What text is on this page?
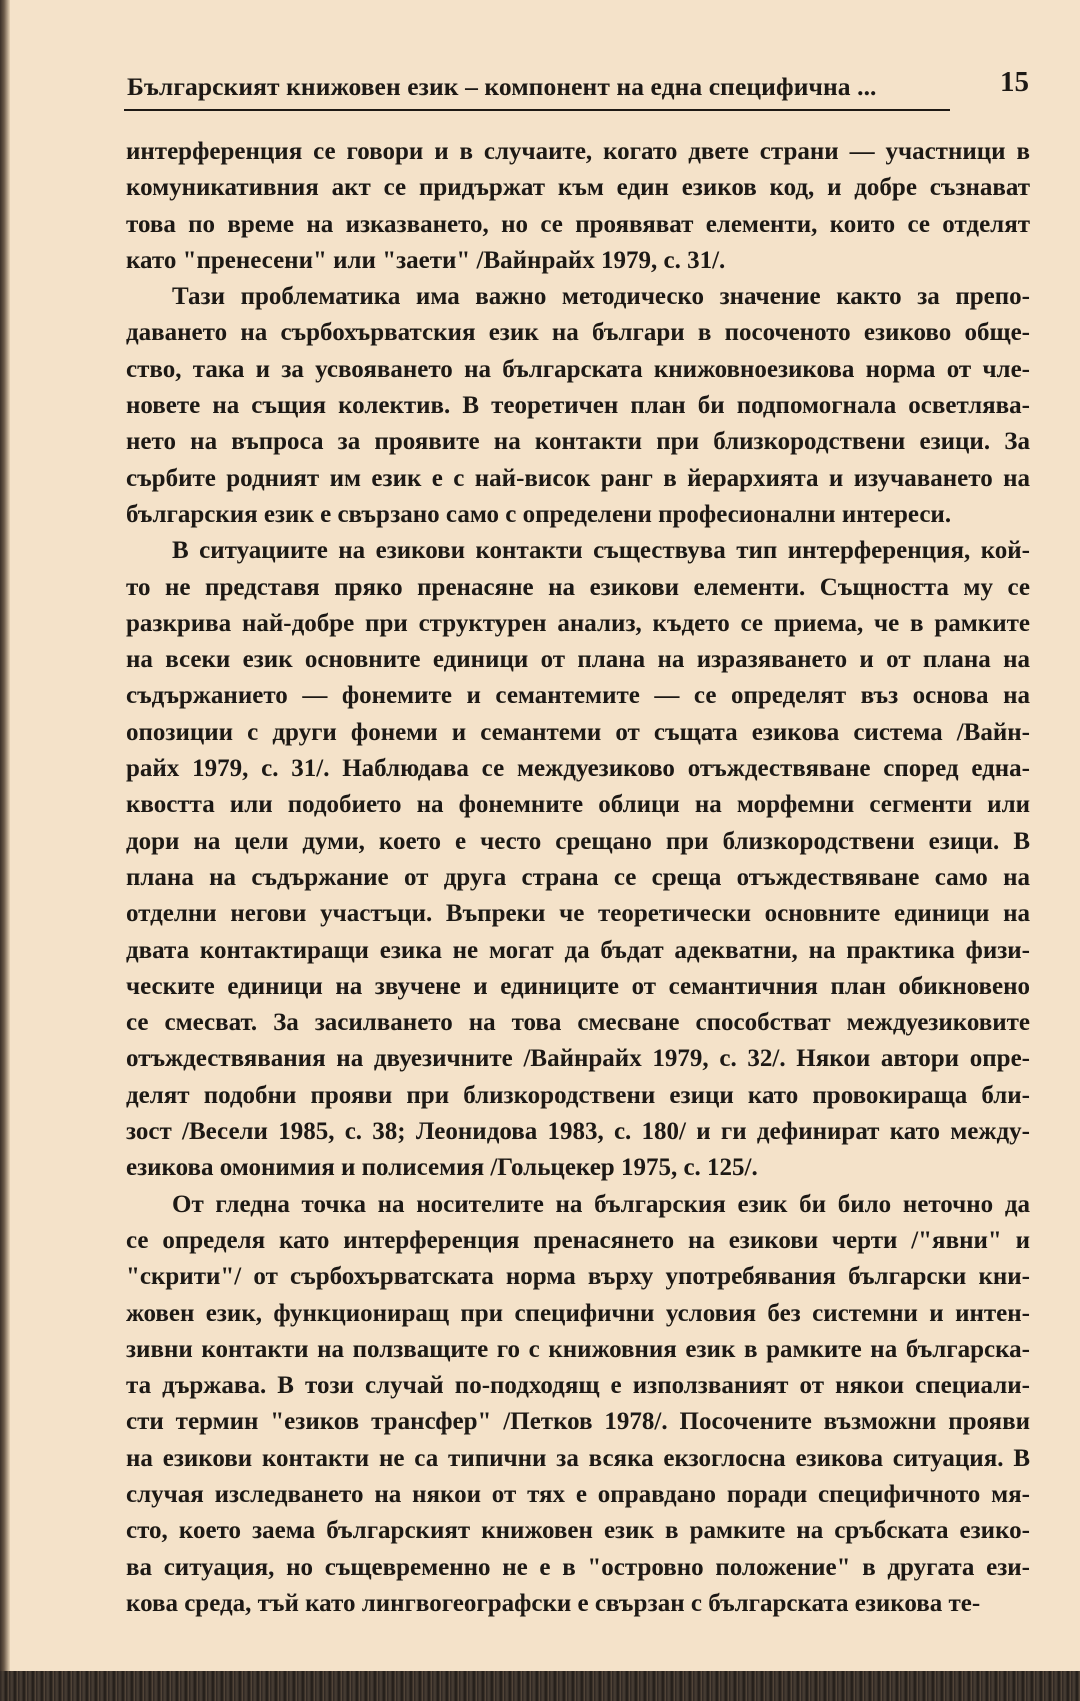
Българският книжовен език – компонент на една специфична ...	15

интерференция се говори и в случаите, когато двете страни — участници в
комуникативния акт се придържат към един езиков код, и добре съзнават
това по време на изказването, но се проявяват елементи, които се отделят
като "пренесени" или "заети" /Вайнрайх 1979, с. 31/.

Тази проблематика има важно методическо значение както за препо-
даването на сърбохърватския език на българи в посоченото езиково обще-
ство, така и за усвояването на българската книжовноезикова норма от чле-
новете на същия колектив. В теоретичен план би подпомогнала осветлява-
нето на въпроса за проявите на контакти при близкородствени езици. За
сърбите родният им език е с най-висок ранг в йерархията и изучаването на
българския език е свързано само с определени професионални интереси.

В ситуациите на езикови контакти съществува тип интерференция, кой-
то не представя пряко пренасяне на езикови елементи. Същността му се
разкрива най-добре при структурен анализ, където се приема, че в рамките
на всеки език основните единици от плана на изразяването и от плана на
съдържанието — фонемите и семантемите — се определят въз основа на
опозиции с други фонеми и семантеми от същата езикова система /Вайн-
райх 1979, с. 31/. Наблюдава се междуезиково отъждествяване според една-
квостта или подобието на фонемните облици на морфемни сегменти или
дори на цели думи, което е често срещано при близкородствени езици. В
плана на съдържание от друга страна се среща отъждествяване само на
отделни негови участъци. Въпреки че теоретически основните единици на
двата контактиращи езика не могат да бъдат адекватни, на практика физи-
ческите единици на звучене и единиците от семантичния план обикновено
се смесват. За засилването на това смесване способстват междуезиковите
отъждествявания на двуезичните /Вайнрайх 1979, с. 32/. Някои автори опре-
делят подобни прояви при близкородствени езици като провокираща бли-
зост /Весели 1985, с. 38; Леонидова 1983, с. 180/ и ги дефинират като между-
езикова омонимия и полисемия /Гольцекер 1975, с. 125/.

От гледна точка на носителите на българския език би било неточно да
се определя като интерференция пренасянето на езикови черти /"явни" и
"скрити"/ от сърбохърватската норма върху употребявания български кни-
жовен език, функциониращ при специфични условия без системни и интен-
зивни контакти на ползващите го с книжовния език в рамките на българска-
та държава. В този случай по-подходящ е използваният от някои специали-
сти термин "езиков трансфер" /Петков 1978/. Посочените възможни прояви
на езикови контакти не са типични за всяка екзоглосна езикова ситуация. В
случая изследването на някои от тях е оправдано поради специфичното мя-
сто, което заема българският книжовен език в рамките на сръбската езико-
ва ситуация, но същевременно не е в "островно положение" в другата ези-
кова среда, тъй като лингвогеографски е свързан с българската езикова те-
